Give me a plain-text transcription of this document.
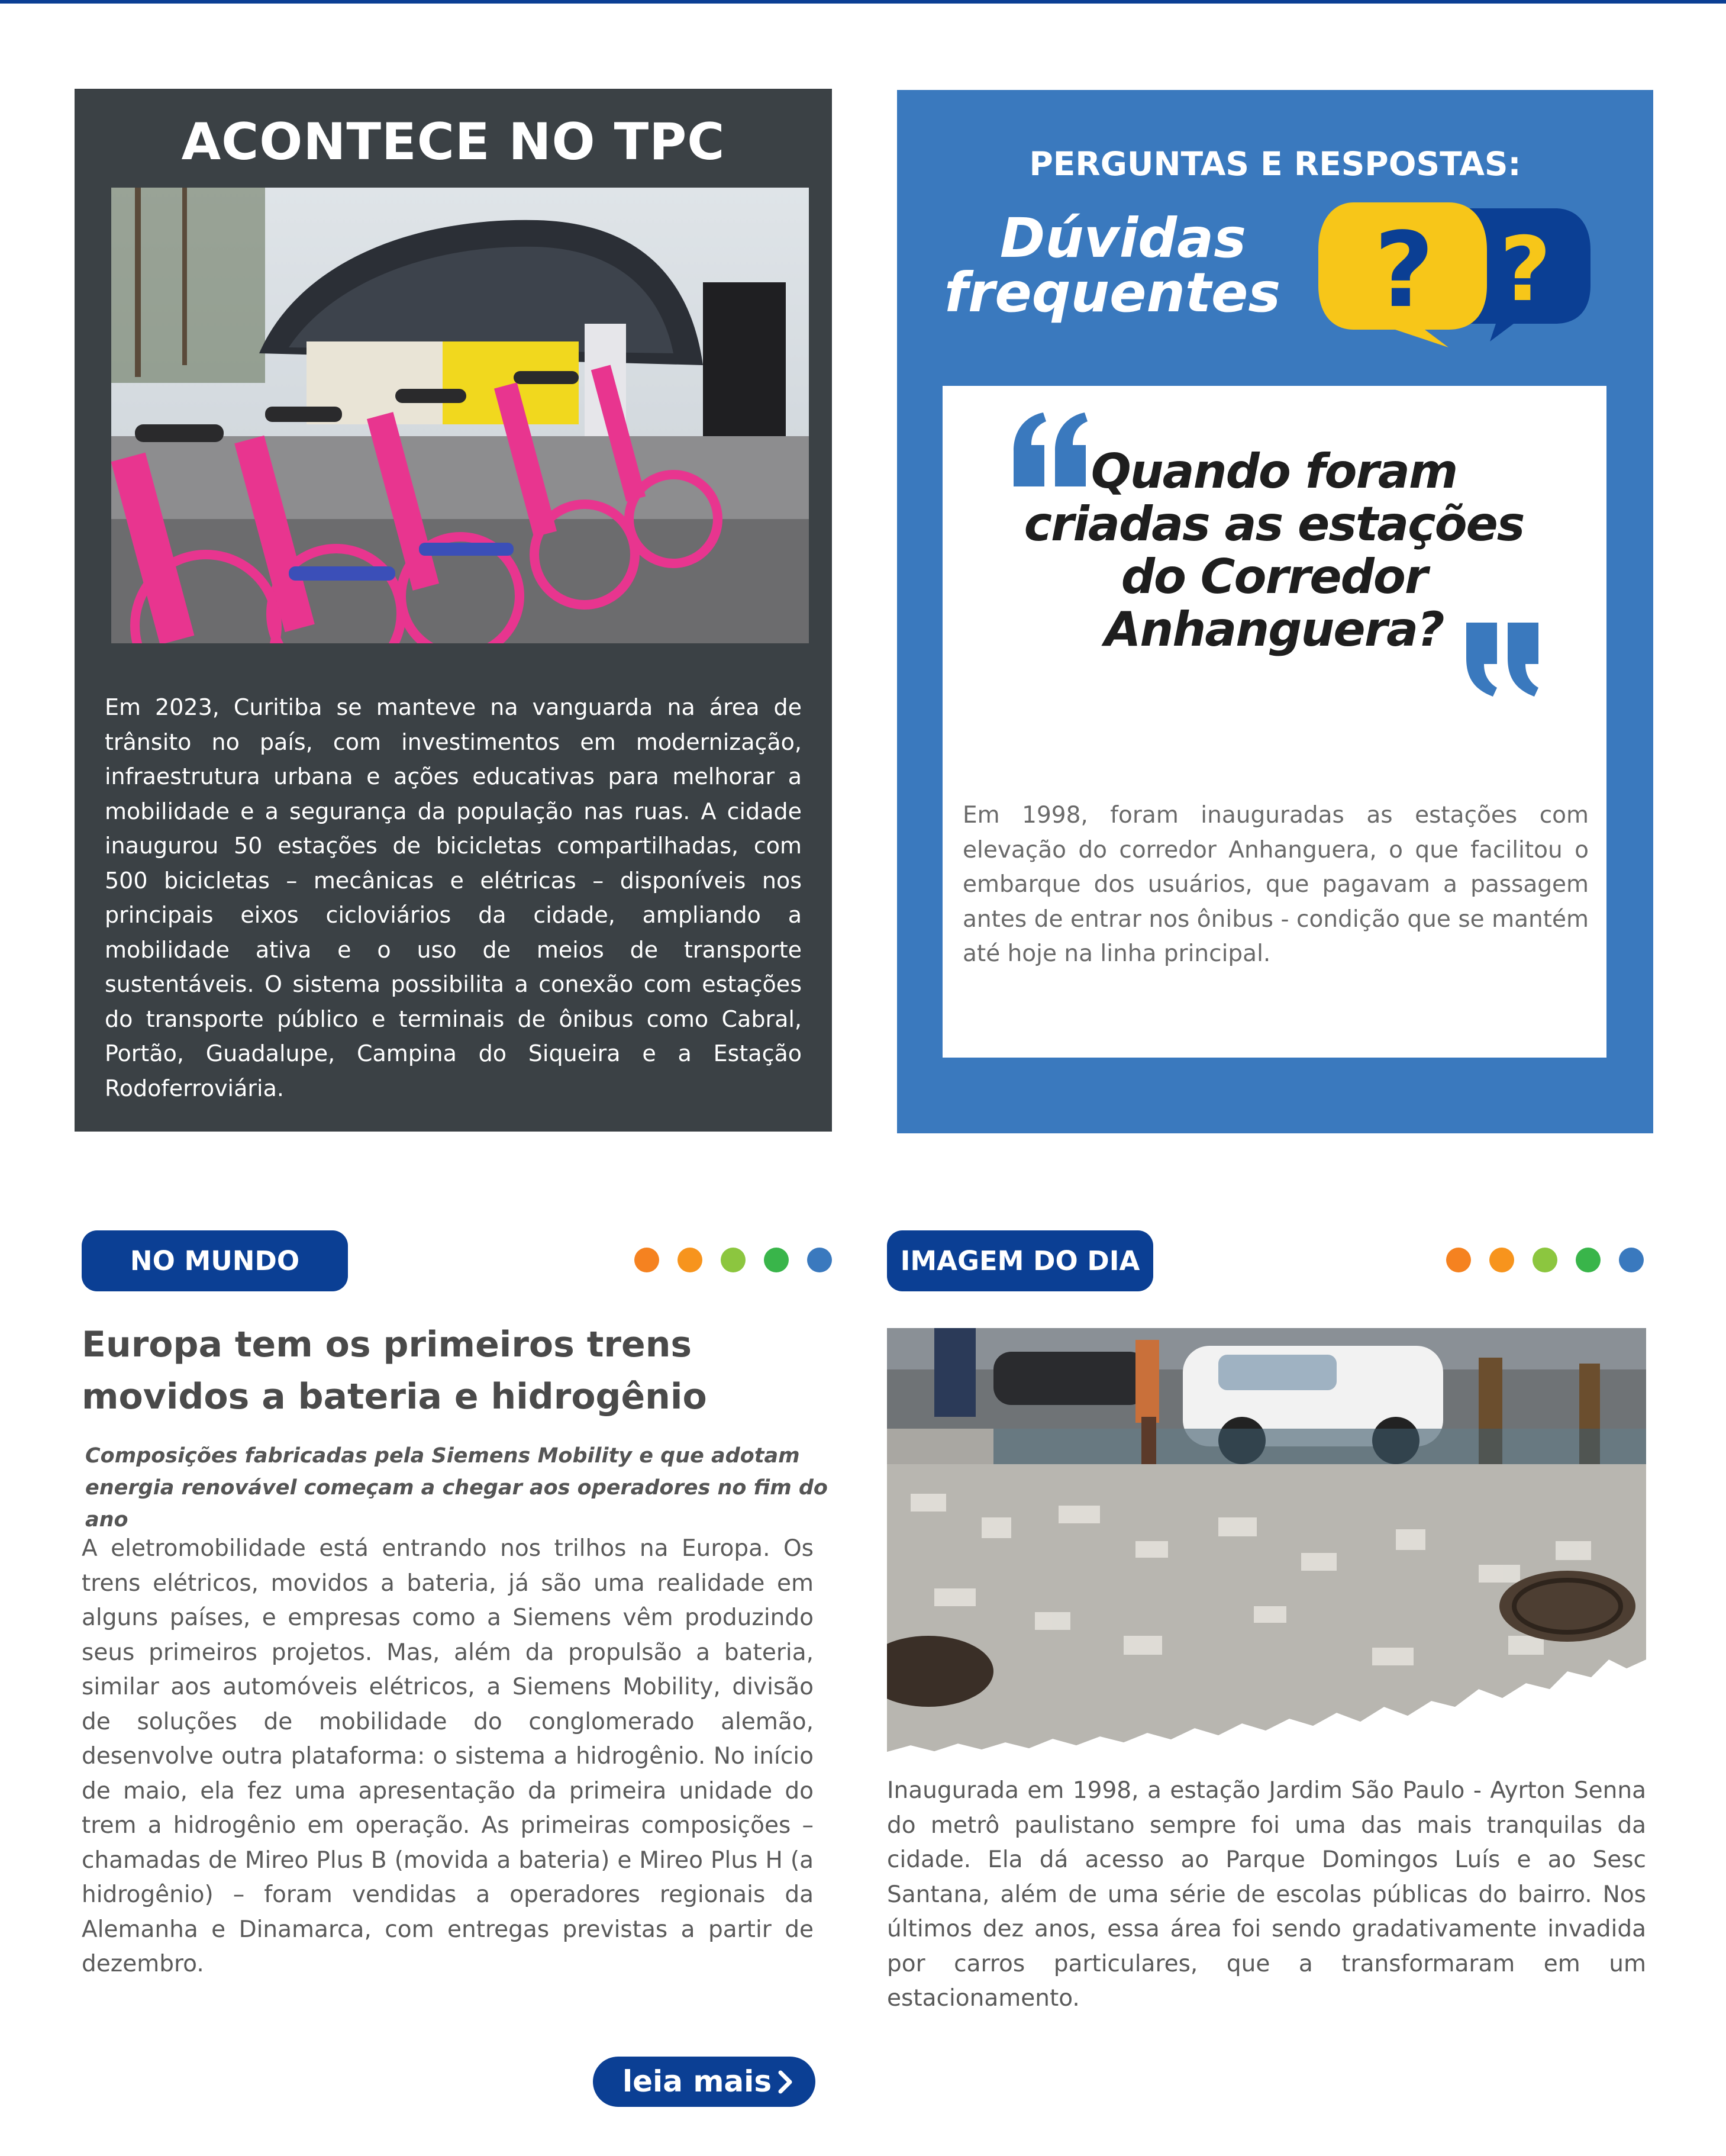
ACONTECE NO TPC

Em 2023, Curitiba se manteve na vanguarda na área de trânsito no país, com investimentos em modernização, infraestrutura urbana e ações educativas para melhorar a mobilidade e a segurança da população nas ruas. A cidade inaugurou 50 estações de bicicletas compartilhadas, com 500 bicicletas – mecânicas e elétricas – disponíveis nos principais eixos cicloviários da cidade, ampliando a mobilidade ativa e o uso de meios de transporte sustentáveis. O sistema possibilita a conexão com estações do transporte público e terminais de ônibus como Cabral, Portão, Guadalupe, Campina do Siqueira e a Estação Rodoferroviária.

PERGUNTAS E RESPOSTAS:
Dúvidas
frequentes ?
?
Quando foram
criadas as estações
do Corredor
Anhanguera?

Em 1998, foram inauguradas as estações com elevação do corredor Anhanguera, o que facilitou o embarque dos usuários, que pagavam a passagem antes de entrar nos ônibus - condição que se mantém até hoje na linha principal.

NO MUNDO
Europa tem os primeiros trens
movidos a bateria e hidrogênio
Composições fabricadas pela Siemens Mobility e que adotam
energia renovável começam a chegar aos operadores no fim do ano

A eletromobilidade está entrando nos trilhos na Europa. Os trens elétricos, movidos a bateria, já são uma realidade em alguns países, e empresas como a Siemens vêm produzindo seus primeiros projetos. Mas, além da propulsão a bateria, similar aos automóveis elétricos, a Siemens Mobility, divisão de soluções de mobilidade do conglomerado alemão, desenvolve outra plataforma: o sistema a hidrogênio. No início de maio, ela fez uma apresentação da primeira unidade do trem a hidrogênio em operação. As primeiras composições – chamadas de Mireo Plus B (movida a bateria) e Mireo Plus H (a hidrogênio) – foram vendidas a operadores regionais da Alemanha e Dinamarca, com entregas previstas a partir de dezembro.

leia mais
IMAGEM DO DIA

Inaugurada em 1998, a estação Jardim São Paulo - Ayrton Senna do metrô paulistano sempre foi uma das mais tranquilas da cidade. Ela dá acesso ao Parque Domingos Luís e ao Sesc Santana, além de uma série de escolas públicas do bairro. Nos últimos dez anos, essa área foi sendo gradativamente invadida por carros particulares, que a transformaram em um estacionamento.
